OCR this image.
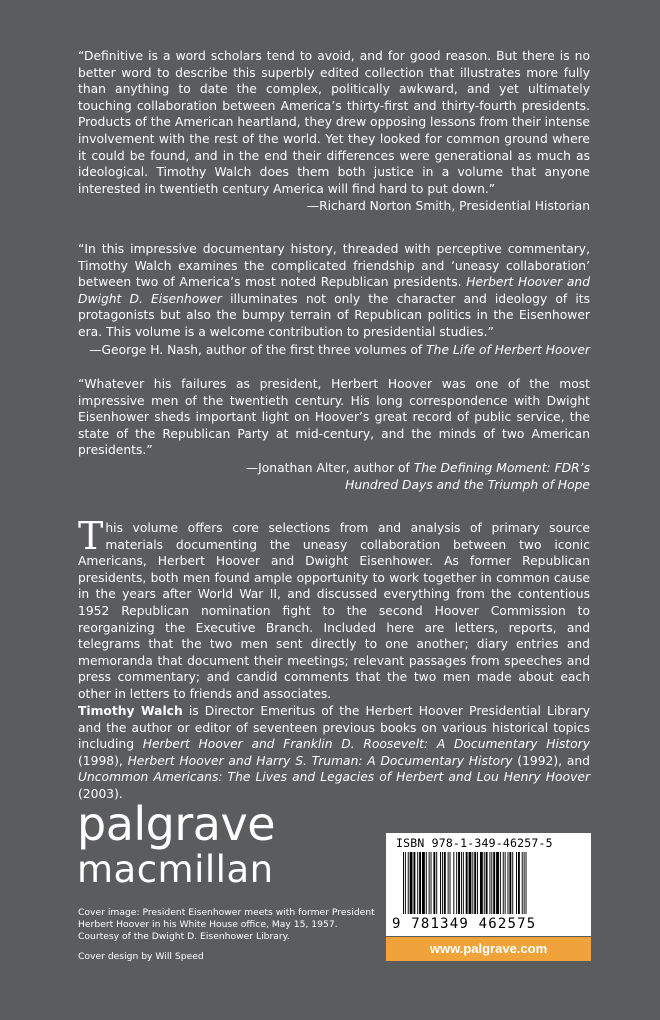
“Definitive is a word scholars tend to avoid, and for good reason. But there is no better word to describe this superbly edited collection that illustrates more fully than anything to date the complex, politically awkward, and yet ultimately touching collaboration between America’s thirty-first and thirty-fourth presidents. Products of the American heartland, they drew opposing lessons from their intense involvement with the rest of the world. Yet they looked for common ground where it could be found, and in the end their differences were generational as much as ideological. Timothy Walch does them both justice in a volume that anyone interested in twentieth century America will find hard to put down.”

—Richard Norton Smith, Presidential Historian

“In this impressive documentary history, threaded with perceptive commentary, Timothy Walch examines the complicated friendship and ‘uneasy collaboration’ between two of America’s most noted Republican presidents. Herbert Hoover and Dwight D. Eisenhower illuminates not only the character and ideology of its protagonists but also the bumpy terrain of Republican politics in the Eisenhower era. This volume is a welcome contribution to presidential studies.”

—George H. Nash, author of the first three volumes of The Life of Herbert Hoover

“Whatever his failures as president, Herbert Hoover was one of the most impressive men of the twentieth century. His long correspondence with Dwight Eisenhower sheds important light on Hoover’s great record of public service, the state of the Republican Party at mid-century, and the minds of two American presidents.”

—Jonathan Alter, author of The Defining Moment: FDR’s
Hundred Days and the Triumph of Hope

This volume offers core selections from and analysis of primary source materials documenting the uneasy collaboration between two iconic Americans, Herbert Hoover and Dwight Eisenhower. As former Republican presidents, both men found ample opportunity to work together in common cause in the years after World War II, and discussed everything from the contentious 1952 Republican nomination fight to the second Hoover Commission to reorganizing the Executive Branch. Included here are letters, reports, and telegrams that the two men sent directly to one another; diary entries and memoranda that document their meetings; relevant passages from speeches and press commentary; and candid comments that the two men made about each other in letters to friends and associates.

Timothy Walch is Director Emeritus of the Herbert Hoover Presidential Library and the author or editor of seventeen previous books on various historical topics including Herbert Hoover and Franklin D. Roosevelt: A Documentary History (1998), Herbert Hoover and Harry S. Truman: A Documentary History (1992), and Uncommon Americans: The Lives and Legacies of Herbert and Lou Henry Hoover (2003).

palgrave
macmillan
Cover image: President Eisenhower meets with former President Herbert Hoover in his White House office, May 15, 1957. Courtesy of the Dwight D. Eisenhower Library.
Cover design by Will Speed
ISBN 978-1-349-46257-5
9 781349 462575
www.palgrave.com
